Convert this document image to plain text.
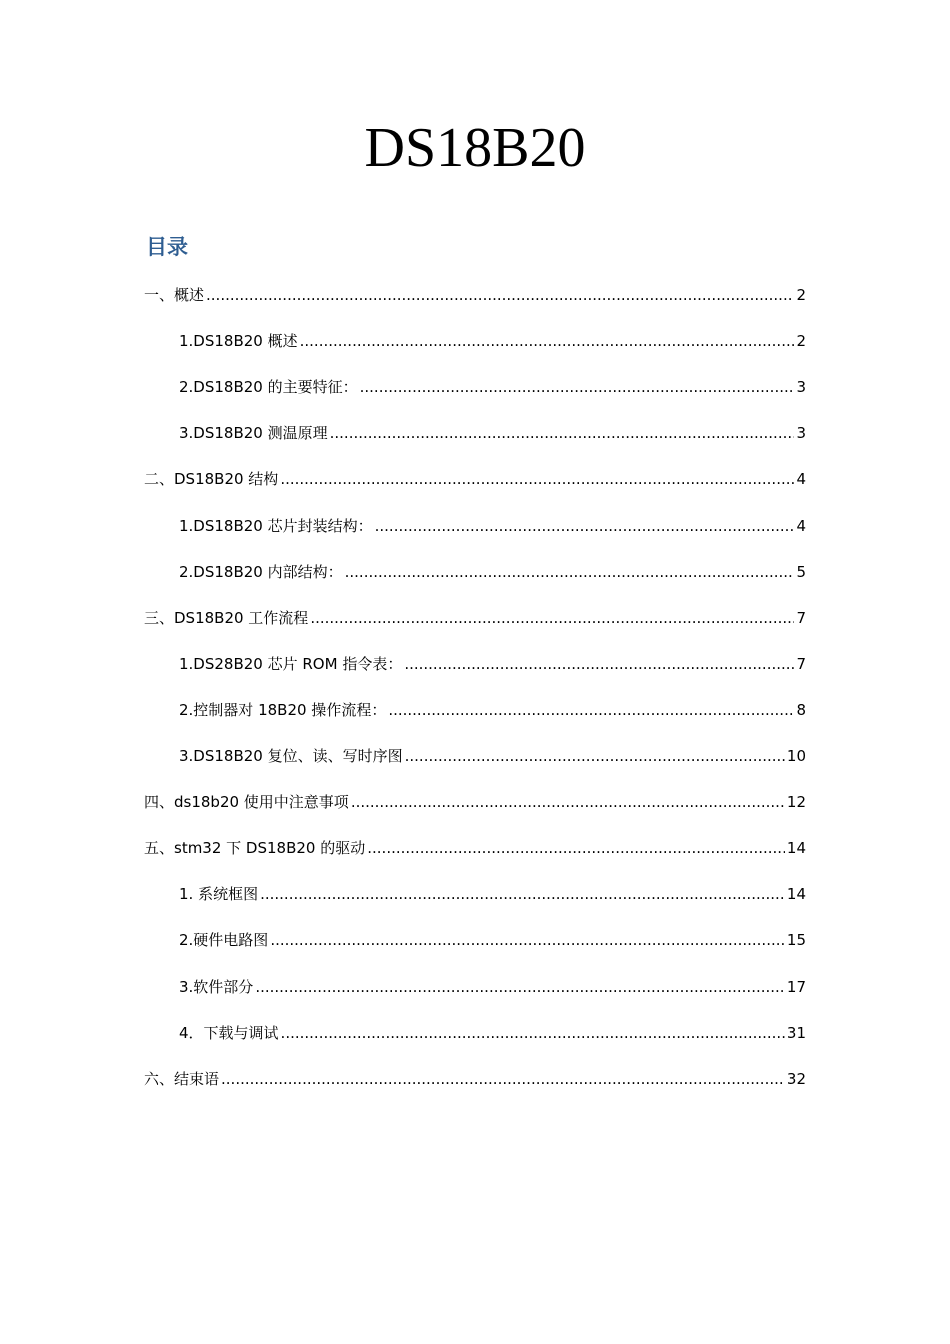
DS18B20
目录
一、概述 .....	2
1.DS18B20 概述 .....	2
2.DS18B20 的主要特征： .....	3
3.DS18B20 测温原理 .....	3
二、DS18B20 结构 .....	4
1.DS18B20 芯片封装结构： .....	4
2.DS18B20 内部结构： .....	5
三、DS18B20 工作流程 .....	7
1.DS28B20 芯片 ROM 指令表： .....	7
2.控制器对 18B20 操作流程： .....	8
3.DS18B20 复位、读、写时序图 .....	10
四、ds18b20 使用中注意事项 .....	12
五、stm32 下 DS18B20 的驱动 .....	14
1. 系统框图 .....	14
2.硬件电路图 .....	15
3.软件部分 .....	17
4．下载与调试 .....	31
六、结束语 .....	32
